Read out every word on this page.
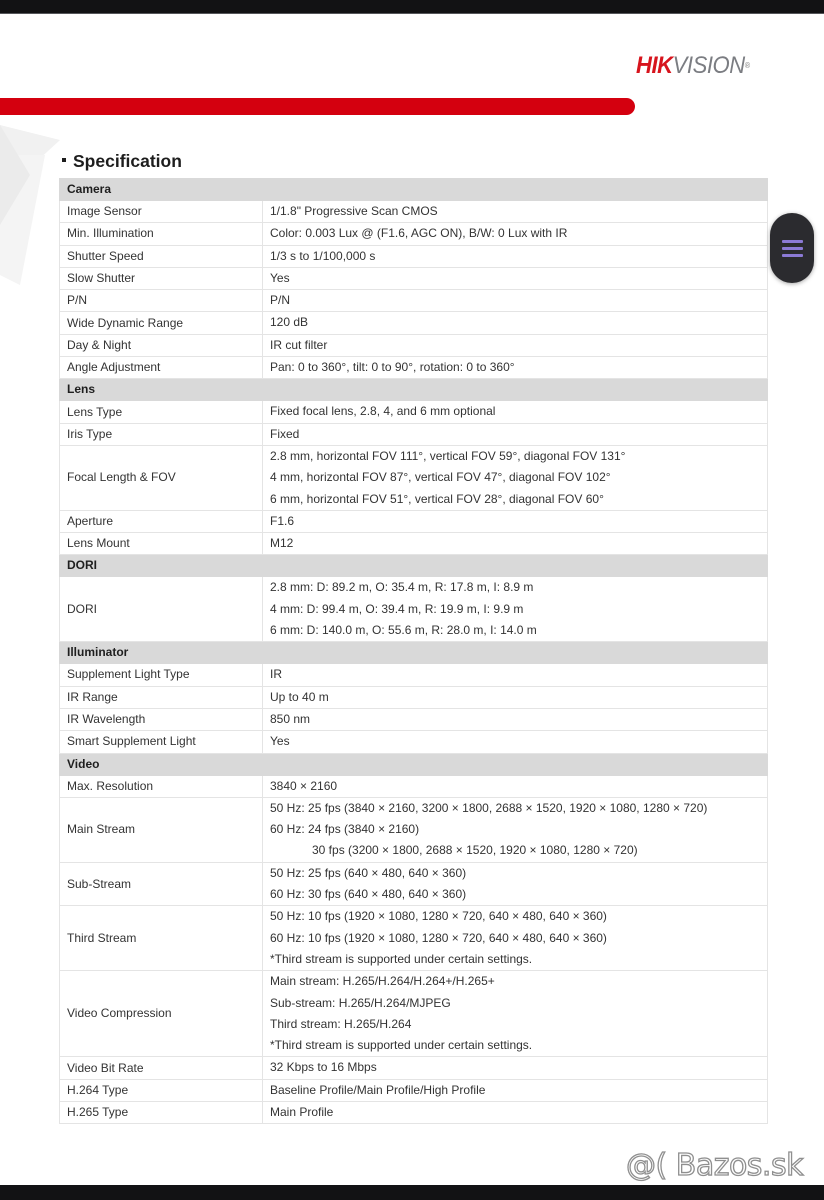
HIKVISION®
Specification
Camera	
Image Sensor	1/1.8" Progressive Scan CMOS

Min. Illumination	Color: 0.003 Lux @ (F1.6, AGC ON), B/W: 0 Lux with IR

Shutter Speed	1/3 s to 1/100,000 s

Slow Shutter	Yes

P/N	P/N

Wide Dynamic Range	120 dB

Day & Night	IR cut filter

Angle Adjustment	Pan: 0 to 360°, tilt: 0 to 90°, rotation: 0 to 360°

Lens	
Lens Type	Fixed focal lens, 2.8, 4, and 6 mm optional

Iris Type	Fixed

Focal Length & FOV	2.8 mm, horizontal FOV 111°, vertical FOV 59°, diagonal FOV 131°
4 mm, horizontal FOV 87°, vertical FOV 47°, diagonal FOV 102°
6 mm, horizontal FOV 51°, vertical FOV 28°, diagonal FOV 60°

Aperture	F1.6

Lens Mount	M12

DORI	
DORI	2.8 mm: D: 89.2 m, O: 35.4 m, R: 17.8 m, I: 8.9 m
4 mm: D: 99.4 m, O: 39.4 m, R: 19.9 m, I: 9.9 m
6 mm: D: 140.0 m, O: 55.6 m, R: 28.0 m, I: 14.0 m

Illuminator	
Supplement Light Type	IR

IR Range	Up to 40 m

IR Wavelength	850 nm

Smart Supplement Light	Yes

Video	
Max. Resolution	3840 × 2160

Main Stream	50 Hz: 25 fps (3840 × 2160, 3200 × 1800, 2688 × 1520, 1920 × 1080, 1280 × 720)
60 Hz: 24 fps (3840 × 2160)
30 fps (3200 × 1800, 2688 × 1520, 1920 × 1080, 1280 × 720)

Sub-Stream	50 Hz: 25 fps (640 × 480, 640 × 360)
60 Hz: 30 fps (640 × 480, 640 × 360)

Third Stream	50 Hz: 10 fps (1920 × 1080, 1280 × 720, 640 × 480, 640 × 360)
60 Hz: 10 fps (1920 × 1080, 1280 × 720, 640 × 480, 640 × 360)
*Third stream is supported under certain settings.

Video Compression	Main stream: H.265/H.264/H.264+/H.265+
Sub-stream: H.265/H.264/MJPEG
Third stream: H.265/H.264
*Third stream is supported under certain settings.

Video Bit Rate	32 Kbps to 16 Mbps

H.264 Type	Baseline Profile/Main Profile/High Profile

H.265 Type	Main Profile
@( Bazos.sk
